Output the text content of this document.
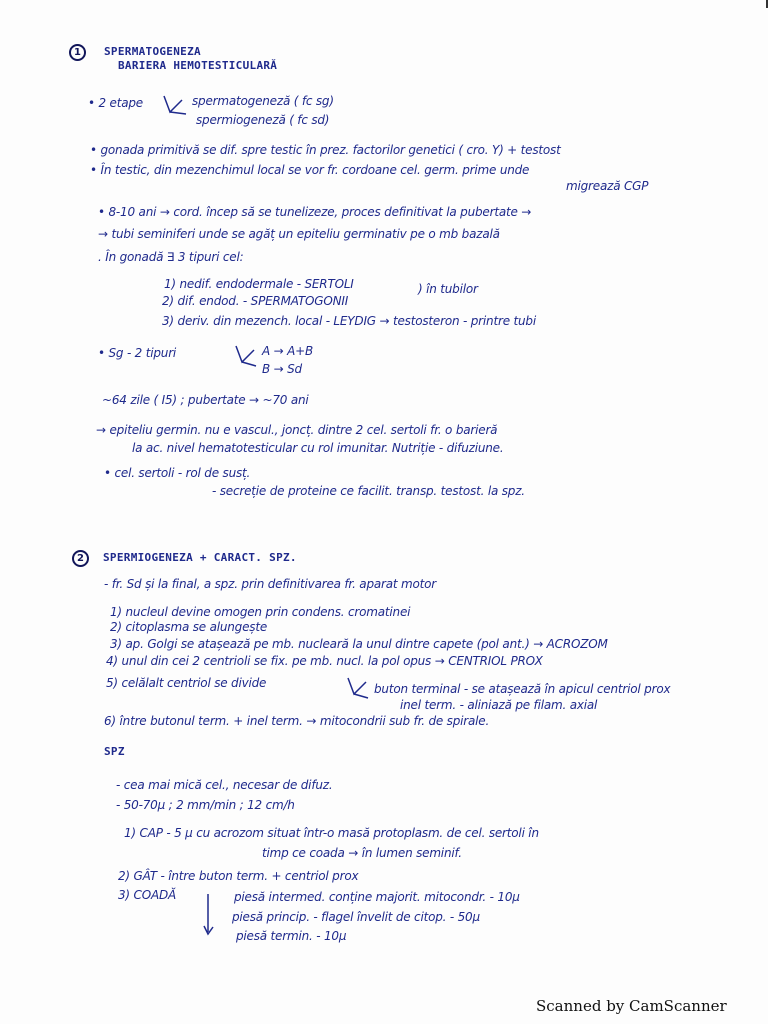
1	SPERMATOGENEZA
BARIERA HEMOTESTICULARĂ
• 2 etape	spermatogeneză ( fc sg)
spermiogeneză ( fc sd)
• gonada primitivă se dif. spre testic în prez. factorilor genetici ( cro. Y) + testost
• În testic, din mezenchimul local se vor fr. cordoane cel. germ. prime unde
migrează CGP
• 8-10 ani → cord. încep să se tunelizeze, proces definitivat la pubertate →
→ tubi seminiferi unde se agăț un epiteliu germinativ pe o mb bazală
. În gonadă ∃ 3 tipuri cel:
1) nedif. endodermale - SERTOLI
2) dif. endod. - SPERMATOGONII
) în tubilor
3) deriv. din mezench. local - LEYDIG → testosteron - printre tubi
• Sg - 2 tipuri	A → A+B
B → Sd
~64 zile ( I5) ; pubertate → ~70 ani
→ epiteliu germin. nu e vascul., joncț. dintre 2 cel. sertoli fr. o barieră
la ac. nivel hematotesticular cu rol imunitar. Nutriție - difuziune.
• cel. sertoli - rol de susț.
- secreție de proteine ce facilit. transp. testost. la spz.
2	SPERMIOGENEZA + CARACT. SPZ.
- fr. Sd și la final, a spz. prin definitivarea fr. aparat motor
1) nucleul devine omogen prin condens. cromatinei
2) citoplasma se alungește
3) ap. Golgi se atașează pe mb. nucleară la unul dintre capete (pol ant.) → ACROZOM
4) unul din cei 2 centrioli se fix. pe mb. nucl. la pol opus → CENTRIOL PROX
5) celălalt centriol se divide	buton terminal - se atașează în apicul centriol prox
inel term. - aliniază pe filam. axial
6) între butonul term. + inel term. → mitocondrii sub fr. de spirale.
SPZ
- cea mai mică cel., necesar de difuz.
- 50-70µ ; 2 mm/min ; 12 cm/h
1) CAP - 5 µ cu acrozom situat într-o masă protoplasm. de cel. sertoli în
timp ce coada → în lumen seminif.
2) GÂT - între buton term. + centriol prox
3) COADĂ	piesă intermed. conține majorit. mitocondr. - 10µ
piesă princip. - flagel învelit de citop. - 50µ
piesă termin. - 10µ
Scanned by CamScanner
